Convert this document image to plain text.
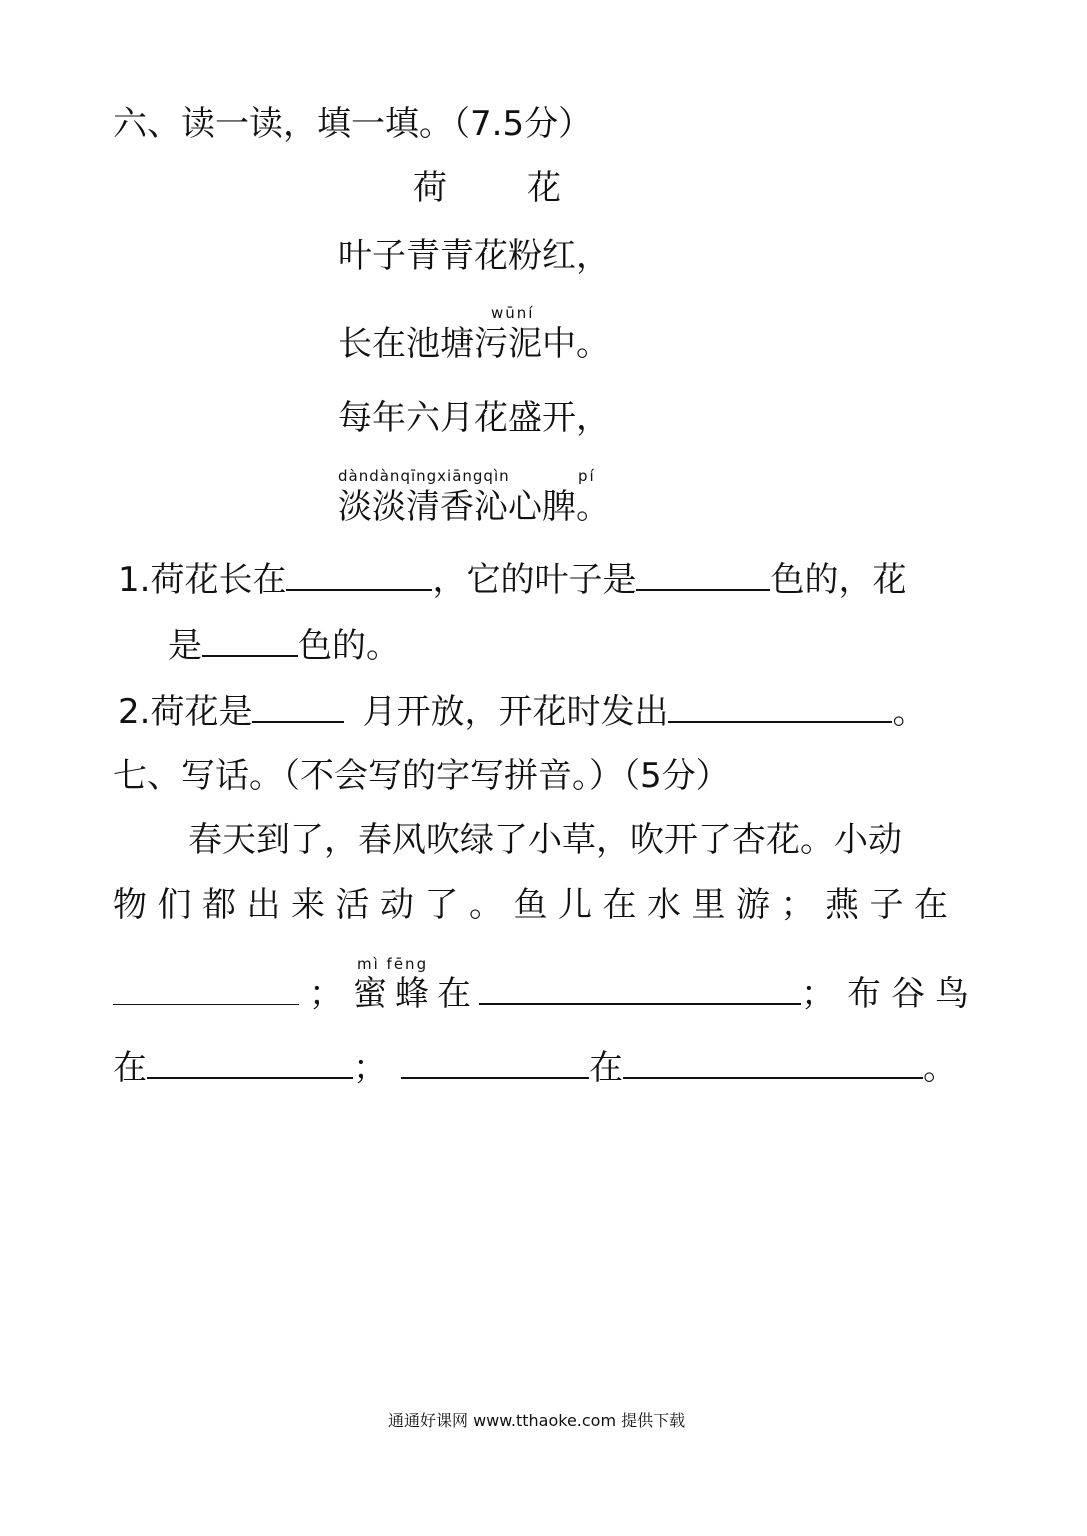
六、读一读，填一填。（7.5分）
荷 花
叶子青青花粉红，
wūní
长在池塘污泥中。
每年六月花盛开，
dàndànqīngxiāngqìn	pí
淡淡清香沁心脾。
1.荷花长在	，它的叶子是	色的，花
是	色的。
2.荷花是	月开放，开花时发出	。
七、写话。（不会写的字写拼音。）（5分）
春天到了，春风吹绿了小草，吹开了杏花。小动
物们都出来活动了。鱼儿在水里游；燕子在
mì fēng
； 蜜蜂在	； 布谷鸟
在	；	在	。
通通好课网 www.tthaoke.com 提供下载
